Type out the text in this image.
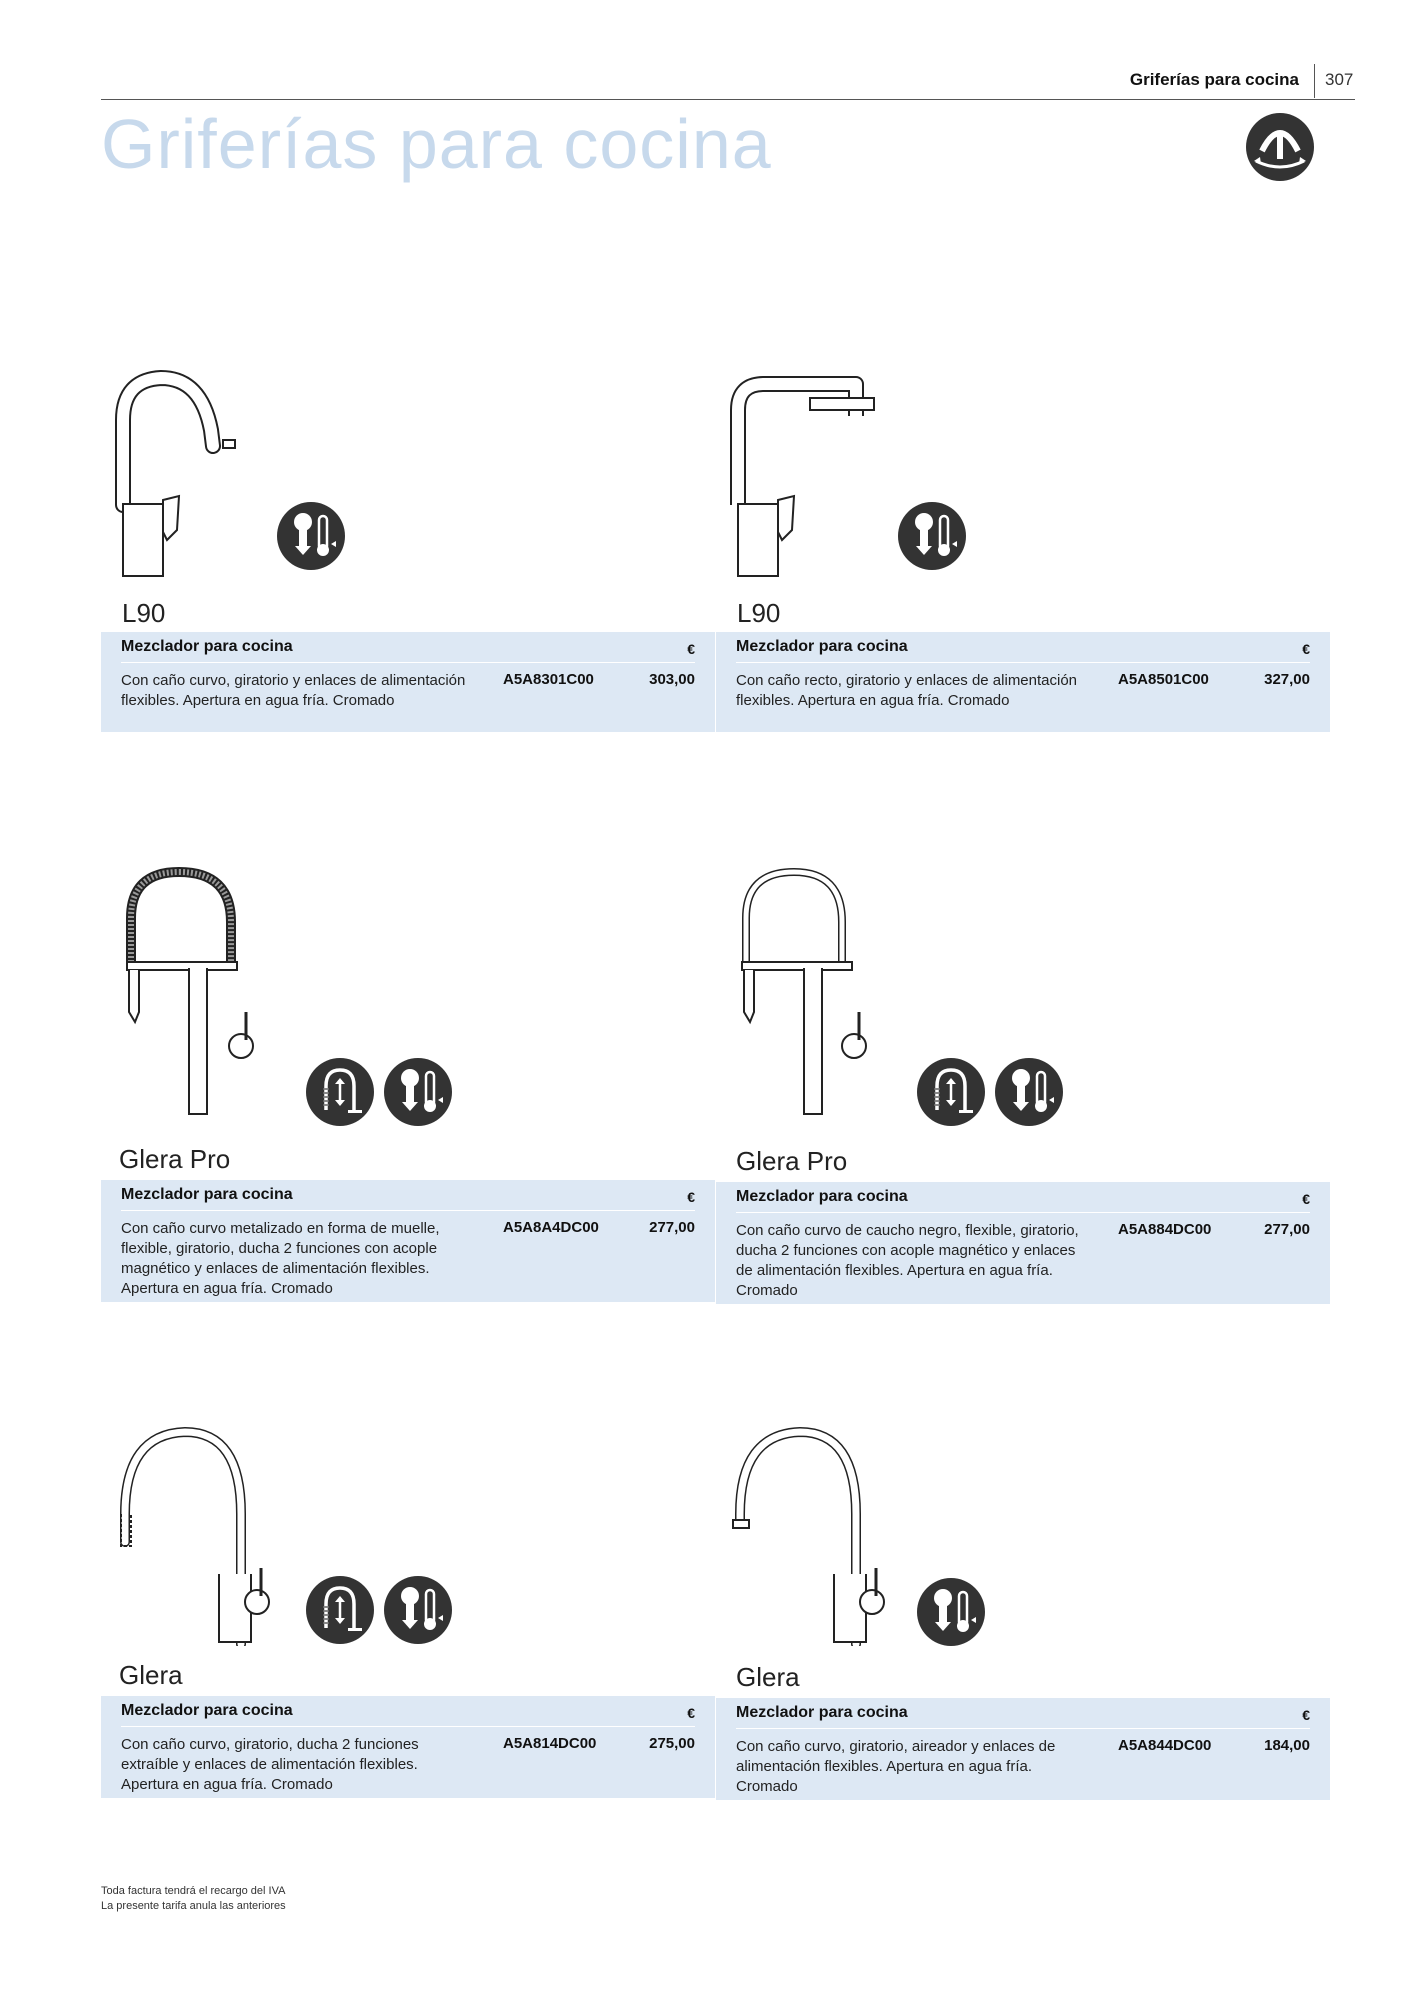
Griferías para cocina 307
Griferías para cocina
L90
Mezclador para cocina	€
Con caño curvo, giratorio y enlaces de alimentación flexibles. Apertura en agua fría. Cromado
A5A8301C00	303,00
L90
Mezclador para cocina	€
Con caño recto, giratorio y enlaces de alimentación flexibles. Apertura en agua fría. Cromado
A5A8501C00	327,00
Glera Pro
Mezclador para cocina	€
Con caño curvo metalizado en forma de muelle, flexible, giratorio, ducha 2 funciones con acople magnético y enlaces de alimentación flexibles. Apertura en agua fría. Cromado
A5A8A4DC00	277,00
Glera Pro
Mezclador para cocina	€
Con caño curvo de caucho negro, flexible, giratorio, ducha 2 funciones con acople magnético y enlaces de alimentación flexibles. Apertura en agua fría. Cromado
A5A884DC00	277,00
Glera
Mezclador para cocina	€
Con caño curvo, giratorio, ducha 2 funciones extraíble y enlaces de alimentación flexibles. Apertura en agua fría. Cromado
A5A814DC00	275,00
Glera
Mezclador para cocina	€
Con caño curvo, giratorio, aireador y enlaces de alimentación flexibles. Apertura en agua fría. Cromado
A5A844DC00	184,00
Toda factura tendrá el recargo del IVA
La presente tarifa anula las anteriores
